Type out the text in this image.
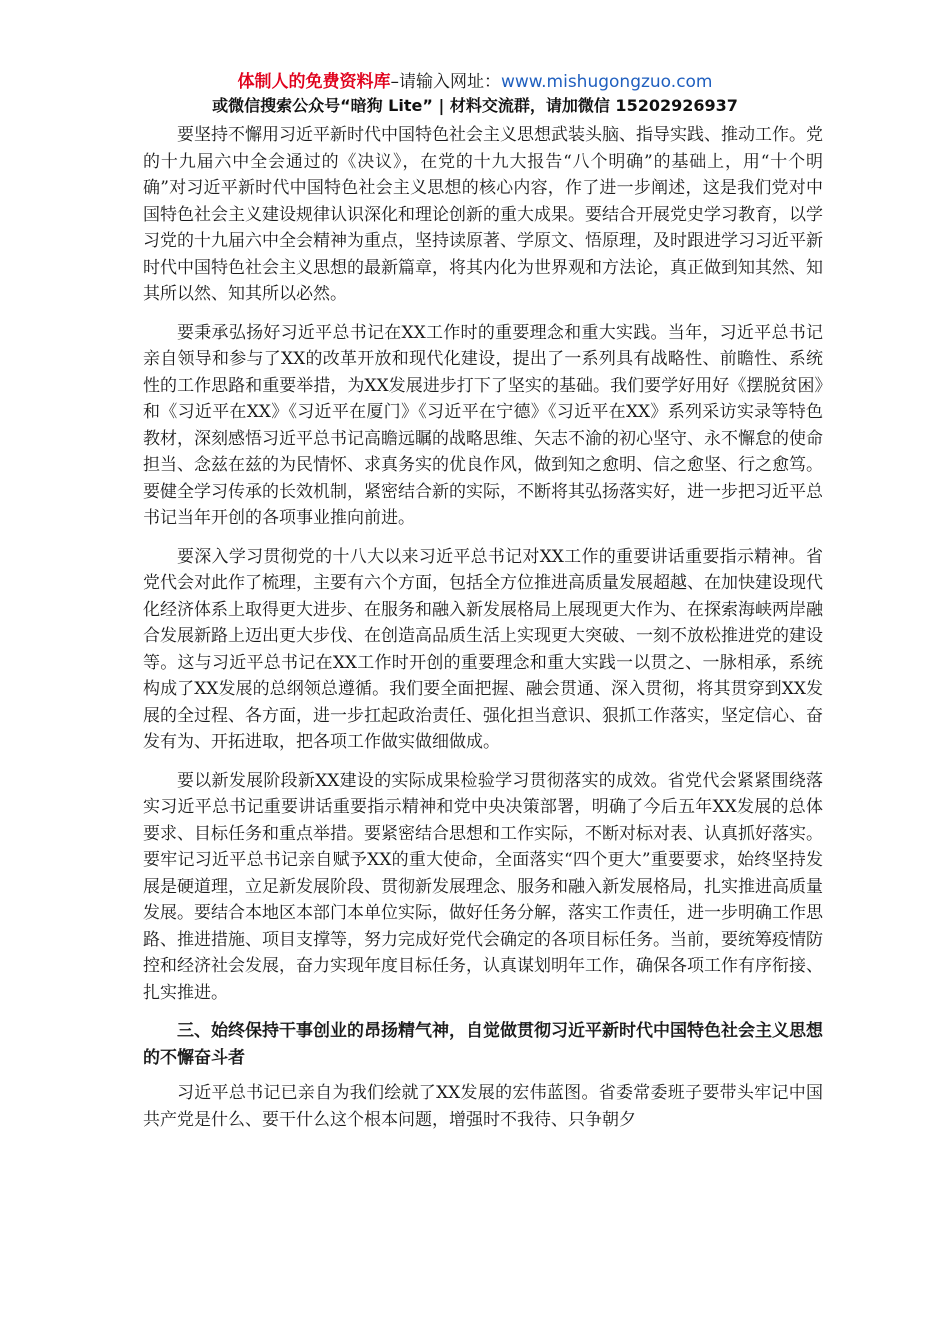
体制人的免费资料库–请输入网址：www.mishugongzuo.com
或微信搜索公众号“暗狗 Lite” | 材料交流群，请加微信 15202926937

要坚持不懈用习近平新时代中国特色社会主义思想武装头脑、指导实践、推动工作。党的十九届六中全会通过的《决议》，在党的十九大报告“八个明确”的基础上，用“十个明确”对习近平新时代中国特色社会主义思想的核心内容，作了进一步阐述，这是我们党对中国特色社会主义建设规律认识深化和理论创新的重大成果。要结合开展党史学习教育，以学习党的十九届六中全会精神为重点，坚持读原著、学原文、悟原理，及时跟进学习习近平新时代中国特色社会主义思想的最新篇章，将其内化为世界观和方法论，真正做到知其然、知其所以然、知其所以必然。

要秉承弘扬好习近平总书记在XX工作时的重要理念和重大实践。当年，习近平总书记亲自领导和参与了XX的改革开放和现代化建设，提出了一系列具有战略性、前瞻性、系统性的工作思路和重要举措，为XX发展进步打下了坚实的基础。我们要学好用好《摆脱贫困》和《习近平在XX》《习近平在厦门》《习近平在宁德》《习近平在XX》系列采访实录等特色教材，深刻感悟习近平总书记高瞻远瞩的战略思维、矢志不渝的初心坚守、永不懈怠的使命担当、念兹在兹的为民情怀、求真务实的优良作风，做到知之愈明、信之愈坚、行之愈笃。要健全学习传承的长效机制，紧密结合新的实际，不断将其弘扬落实好，进一步把习近平总书记当年开创的各项事业推向前进。

要深入学习贯彻党的十八大以来习近平总书记对XX工作的重要讲话重要指示精神。省党代会对此作了梳理，主要有六个方面，包括全方位推进高质量发展超越、在加快建设现代化经济体系上取得更大进步、在服务和融入新发展格局上展现更大作为、在探索海峡两岸融合发展新路上迈出更大步伐、在创造高品质生活上实现更大突破、一刻不放松推进党的建设等。这与习近平总书记在XX工作时开创的重要理念和重大实践一以贯之、一脉相承，系统构成了XX发展的总纲领总遵循。我们要全面把握、融会贯通、深入贯彻，将其贯穿到XX发展的全过程、各方面，进一步扛起政治责任、强化担当意识、狠抓工作落实，坚定信心、奋发有为、开拓进取，把各项工作做实做细做成。

要以新发展阶段新XX建设的实际成果检验学习贯彻落实的成效。省党代会紧紧围绕落实习近平总书记重要讲话重要指示精神和党中央决策部署，明确了今后五年XX发展的总体要求、目标任务和重点举措。要紧密结合思想和工作实际，不断对标对表、认真抓好落实。要牢记习近平总书记亲自赋予XX的重大使命，全面落实“四个更大”重要要求，始终坚持发展是硬道理，立足新发展阶段、贯彻新发展理念、服务和融入新发展格局，扎实推进高质量发展。要结合本地区本部门本单位实际，做好任务分解，落实工作责任，进一步明确工作思路、推进措施、项目支撑等，努力完成好党代会确定的各项目标任务。当前，要统筹疫情防控和经济社会发展，奋力实现年度目标任务，认真谋划明年工作，确保各项工作有序衔接、扎实推进。

三、始终保持干事创业的昂扬精气神，自觉做贯彻习近平新时代中国特色社会主义思想的不懈奋斗者

习近平总书记已亲自为我们绘就了XX发展的宏伟蓝图。省委常委班子要带头牢记中国共产党是什么、要干什么这个根本问题，增强时不我待、只争朝夕
